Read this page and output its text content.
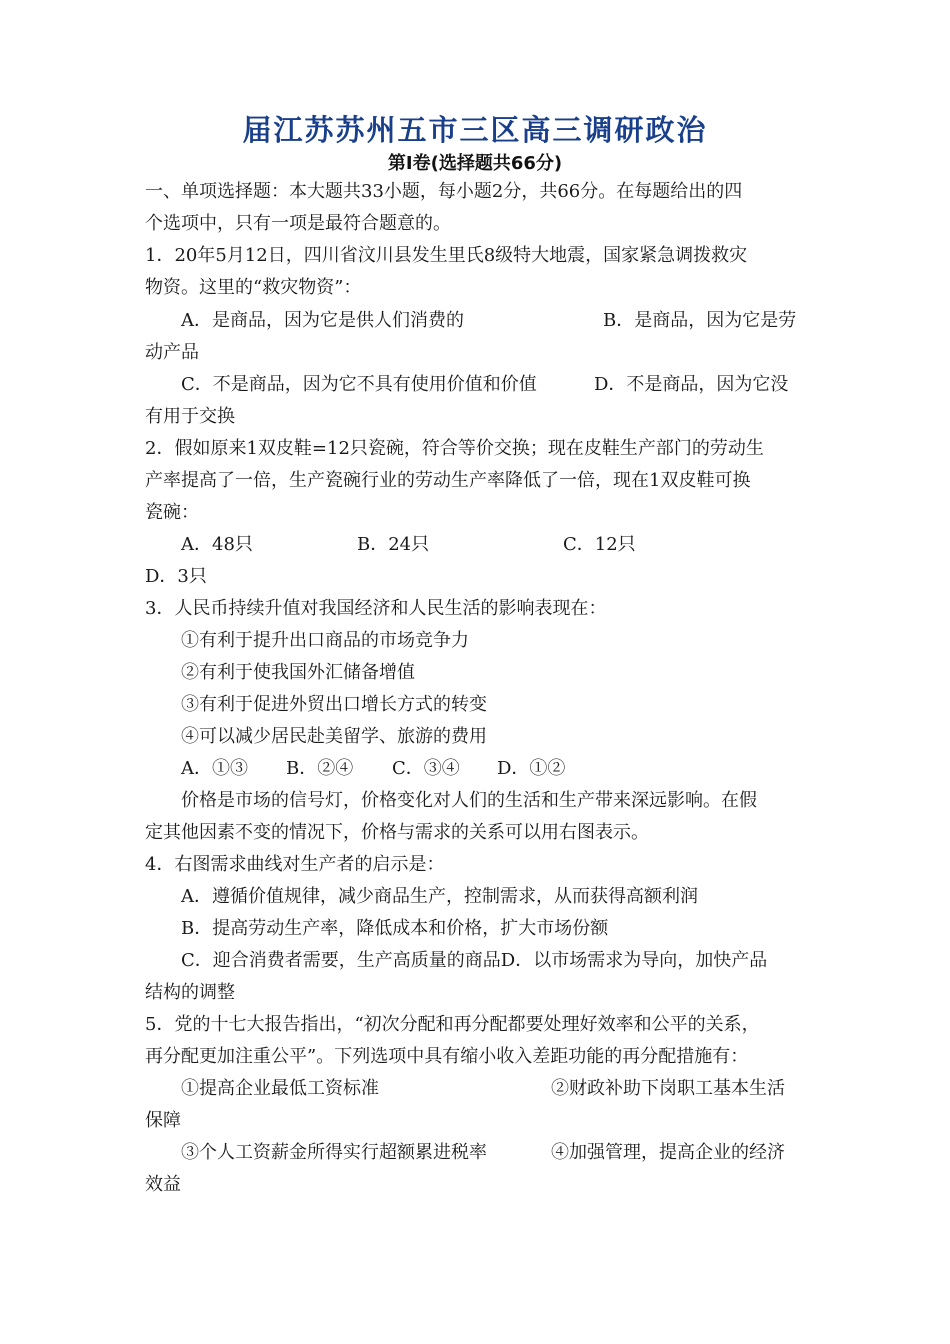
届江苏苏州五市三区高三调研政治
第Ⅰ卷(选择题共66分)
一、单项选择题：本大题共33小题，每小题2分，共66分。在每题给出的四
个选项中，只有一项是最符合题意的。
1．20年5月12日，四川省汶川县发生里氏8级特大地震，国家紧急调拨救灾
物资。这里的“救灾物资”：
A．是商品，因为它是供人们消费的	B．是商品，因为它是劳
动产品
C．不是商品，因为它不具有使用价值和价值	D．不是商品，因为它没
有用于交换
2．假如原来1双皮鞋=12只瓷碗，符合等价交换；现在皮鞋生产部门的劳动生
产率提高了一倍，生产瓷碗行业的劳动生产率降低了一倍，现在1双皮鞋可换
瓷碗：
A．48只	B．24只	C．12只
D．3只
3．人民币持续升值对我国经济和人民生活的影响表现在：
①有利于提升出口商品的市场竞争力
②有利于使我国外汇储备增值
③有利于促进外贸出口增长方式的转变
④可以减少居民赴美留学、旅游的费用
A．①③ B．②④ C．③④ D．①②
价格是市场的信号灯，价格变化对人们的生活和生产带来深远影响。在假
定其他因素不变的情况下，价格与需求的关系可以用右图表示。
4．右图需求曲线对生产者的启示是：
A．遵循价值规律，减少商品生产，控制需求，从而获得高额利润
B．提高劳动生产率，降低成本和价格，扩大市场份额
C．迎合消费者需要，生产高质量的商品D．以市场需求为导向，加快产品
结构的调整
5．党的十七大报告指出，“初次分配和再分配都要处理好效率和公平的关系，
再分配更加注重公平”。下列选项中具有缩小收入差距功能的再分配措施有：
①提高企业最低工资标准	②财政补助下岗职工基本生活
保障
③个人工资薪金所得实行超额累进税率	④加强管理，提高企业的经济
效益
